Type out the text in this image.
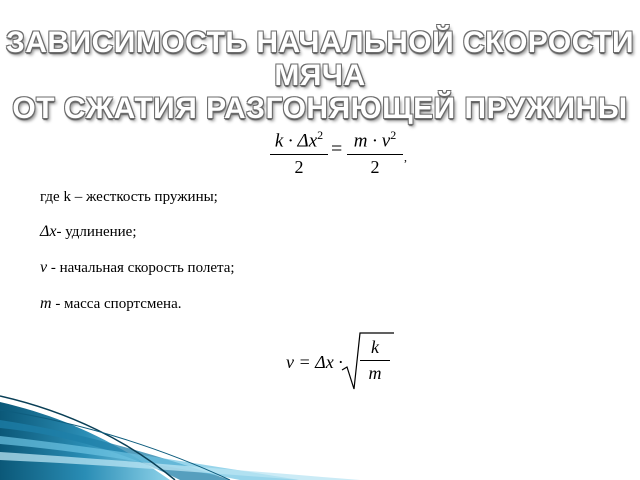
ЗАВИСИМОСТЬ НАЧАЛЬНОЙ СКОРОСТИ МЯЧА
ОТ СЖАТИЯ РАЗГОНЯЮЩЕЙ ПРУЖИНЫ
$k \cdot \Delta x^2$
2
= $m \cdot v^2$
2
,
где k – жесткость пружины;
Δx- удлинение;
v - начальная скорость полета;
m - масса спортсмена.
v = Δx ·
k
m
